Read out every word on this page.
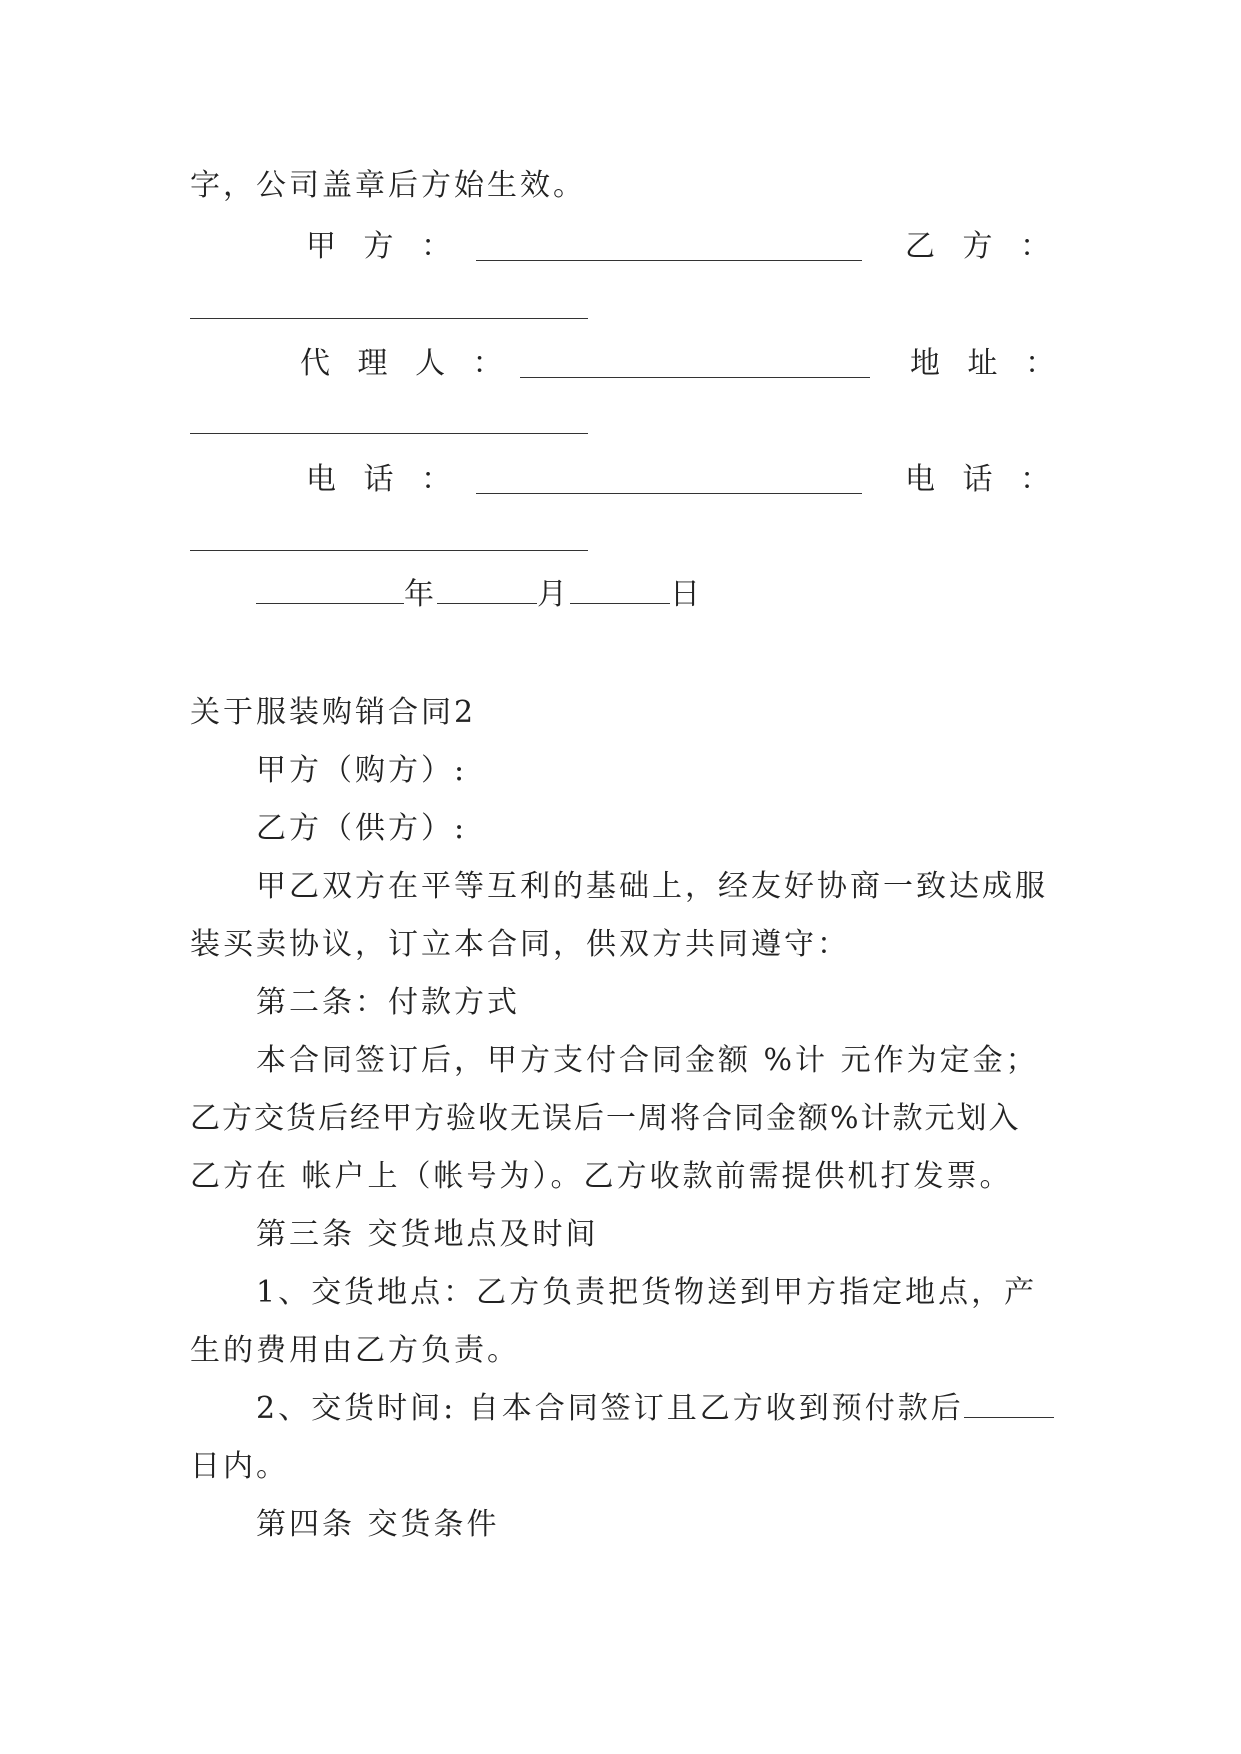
字，公司盖章后方始生效。
甲 方 ：	乙 方 ：
代 理 人 ：	地 址 ：
电 话 ：	电 话 ：
年	月	日
关于服装购销合同2
甲方（购方）:
乙方（供方）:
甲乙双方在平等互利的基础上，经友好协商一致达成服
装买卖协议，订立本合同，供双方共同遵守：
第二条：付款方式
本合同签订后，甲方支付合同金额 %计 元作为定金；
乙方交货后经甲方验收无误后一周将合同金额%计款元划入
乙方在 帐户上（帐号为）。乙方收款前需提供机打发票。
第三条 交货地点及时间
1、交货地点：乙方负责把货物送到甲方指定地点，产
生的费用由乙方负责。
2、交货时间: 自本合同签订且乙方收到预付款后
日内。
第四条 交货条件
